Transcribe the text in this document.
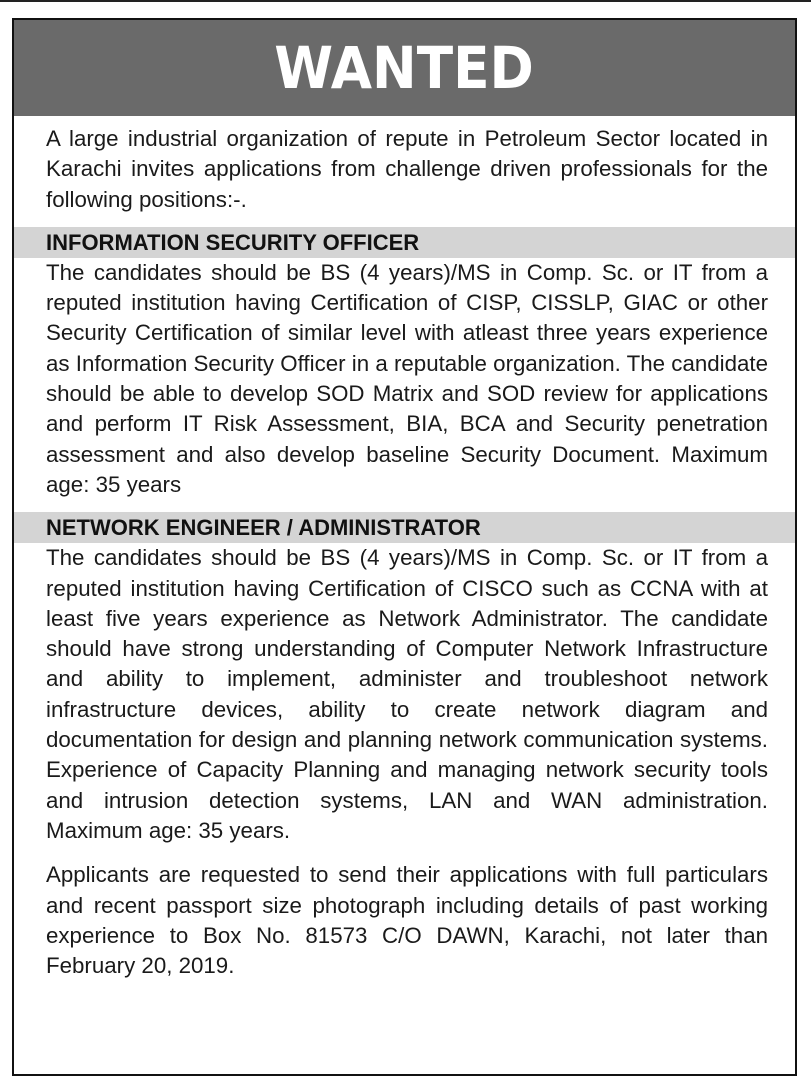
WANTED

A large industrial organization of repute in Petroleum Sector located in Karachi invites applications from challenge driven professionals for the following positions:-.

INFORMATION SECURITY OFFICER

The candidates should be BS (4 years)/MS in Comp. Sc. or IT from a reputed institution having Certification of CISP, CISSLP, GIAC or other Security Certification of similar level with atleast three years experience as Information Security Officer in a reputable organization. The candidate should be able to develop SOD Matrix and SOD review for applications and perform IT Risk Assessment, BIA, BCA and Security penetration assessment and also develop baseline Security Document. Maximum age: 35 years

NETWORK ENGINEER / ADMINISTRATOR

The candidates should be BS (4 years)/MS in Comp. Sc. or IT from a reputed institution having Certification of CISCO such as CCNA with at least five years experience as Network Administrator. The candidate should have strong understanding of Computer Network Infrastructure and ability to implement, administer and troubleshoot network infrastructure devices, ability to create network diagram and documentation for design and planning network communication systems. Experience of Capacity Planning and managing network security tools and intrusion detection systems, LAN and WAN administration. Maximum age: 35 years.

Applicants are requested to send their applications with full particulars and recent passport size photograph including details of past working experience to Box No. 81573 C/O DAWN, Karachi, not later than February 20, 2019.
